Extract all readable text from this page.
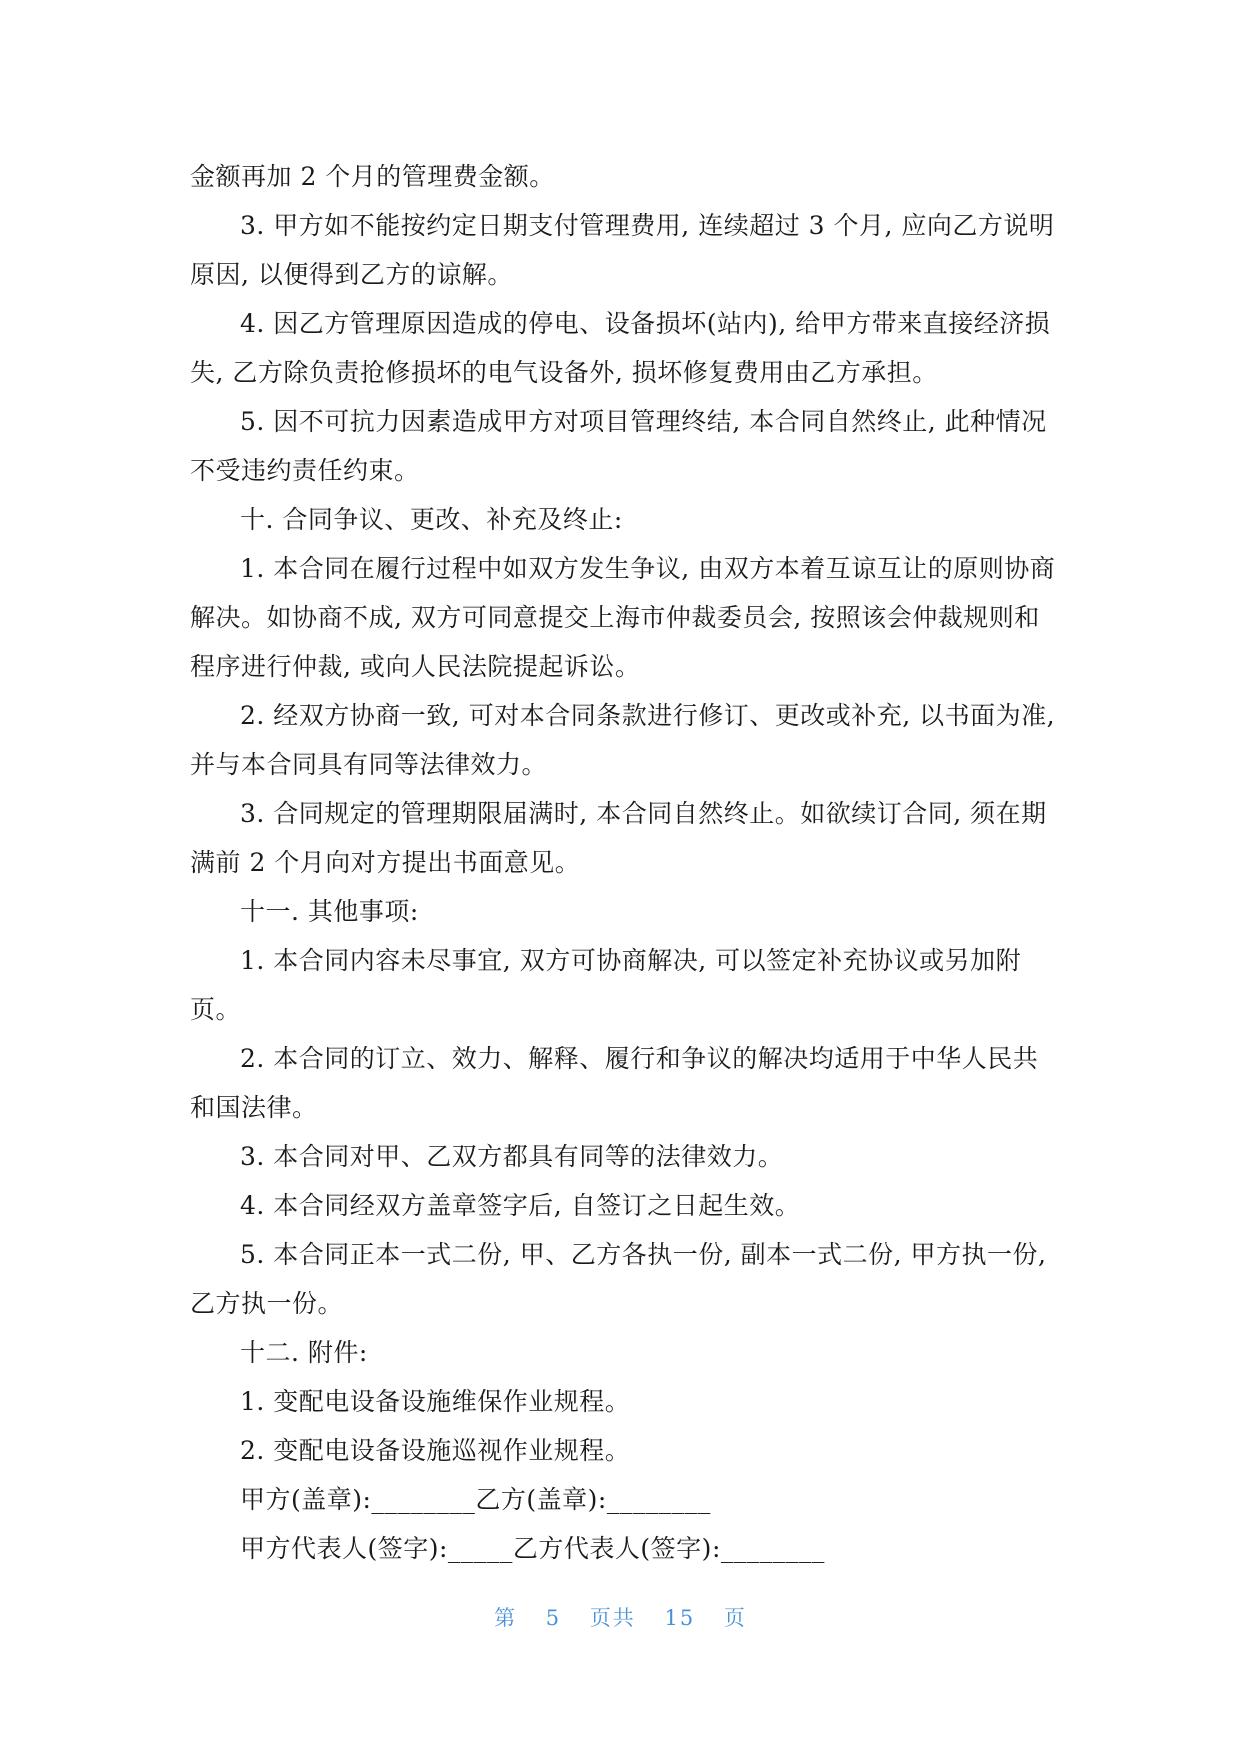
金额再加 2 个月的管理费金额。

3. 甲方如不能按约定日期支付管理费用, 连续超过 3 个月, 应向乙方说明原因, 以便得到乙方的谅解。

4. 因乙方管理原因造成的停电、设备损坏(站内), 给甲方带来直接经济损失, 乙方除负责抢修损坏的电气设备外, 损坏修复费用由乙方承担。

5. 因不可抗力因素造成甲方对项目管理终结, 本合同自然终止, 此种情况不受违约责任约束。

十. 合同争议、更改、补充及终止:

1. 本合同在履行过程中如双方发生争议, 由双方本着互谅互让的原则协商解决。如协商不成, 双方可同意提交上海市仲裁委员会, 按照该会仲裁规则和程序进行仲裁, 或向人民法院提起诉讼。

2. 经双方协商一致, 可对本合同条款进行修订、更改或补充, 以书面为准, 并与本合同具有同等法律效力。

3. 合同规定的管理期限届满时, 本合同自然终止。如欲续订合同, 须在期满前 2 个月向对方提出书面意见。

十一. 其他事项:

1. 本合同内容未尽事宜, 双方可协商解决, 可以签定补充协议或另加附页。

2. 本合同的订立、效力、解释、履行和争议的解决均适用于中华人民共和国法律。

3. 本合同对甲、乙双方都具有同等的法律效力。

4. 本合同经双方盖章签字后, 自签订之日起生效。

5. 本合同正本一式二份, 甲、乙方各执一份, 副本一式二份, 甲方执一份, 乙方执一份。

十二. 附件:

1. 变配电设备设施维保作业规程。

2. 变配电设备设施巡视作业规程。

甲方(盖章):________乙方(盖章):________

甲方代表人(签字):_____乙方代表人(签字):________

第 5 页共 15 页
